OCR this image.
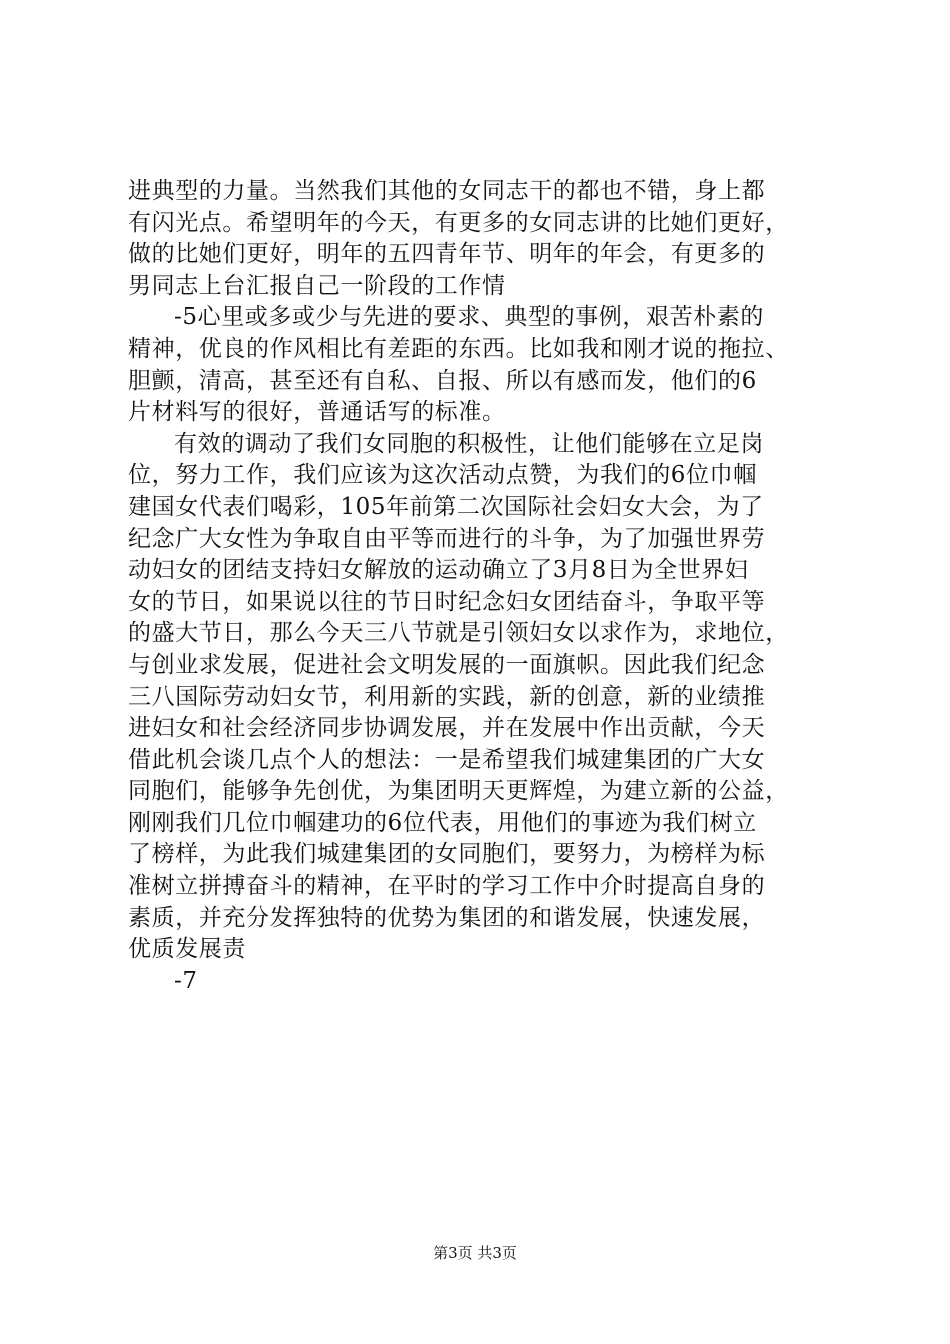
进典型的力量。当然我们其他的女同志干的都也不错，身上都
有闪光点。希望明年的今天，有更多的女同志讲的比她们更好，
做的比她们更好，明年的五四青年节、明年的年会，有更多的
男同志上台汇报自己一阶段的工作情
-5心里或多或少与先进的要求、典型的事例，艰苦朴素的
精神，优良的作风相比有差距的东西。比如我和刚才说的拖拉、
胆颤，清高，甚至还有自私、自报、所以有感而发，他们的6
片材料写的很好，普通话写的标准。
有效的调动了我们女同胞的积极性，让他们能够在立足岗
位，努力工作，我们应该为这次活动点赞，为我们的6位巾帼
建国女代表们喝彩，105年前第二次国际社会妇女大会，为了
纪念广大女性为争取自由平等而进行的斗争，为了加强世界劳
动妇女的团结支持妇女解放的运动确立了3月8日为全世界妇
女的节日，如果说以往的节日时纪念妇女团结奋斗，争取平等
的盛大节日，那么今天三八节就是引领妇女以求作为，求地位，
与创业求发展，促进社会文明发展的一面旗帜。因此我们纪念
三八国际劳动妇女节，利用新的实践，新的创意，新的业绩推
进妇女和社会经济同步协调发展，并在发展中作出贡献，今天
借此机会谈几点个人的想法：一是希望我们城建集团的广大女
同胞们，能够争先创优，为集团明天更辉煌，为建立新的公益，
刚刚我们几位巾帼建功的6位代表，用他们的事迹为我们树立
了榜样，为此我们城建集团的女同胞们，要努力，为榜样为标
准树立拼搏奋斗的精神，在平时的学习工作中介时提高自身的
素质，并充分发挥独特的优势为集团的和谐发展，快速发展，
优质发展责
-7
第3页 共3页
